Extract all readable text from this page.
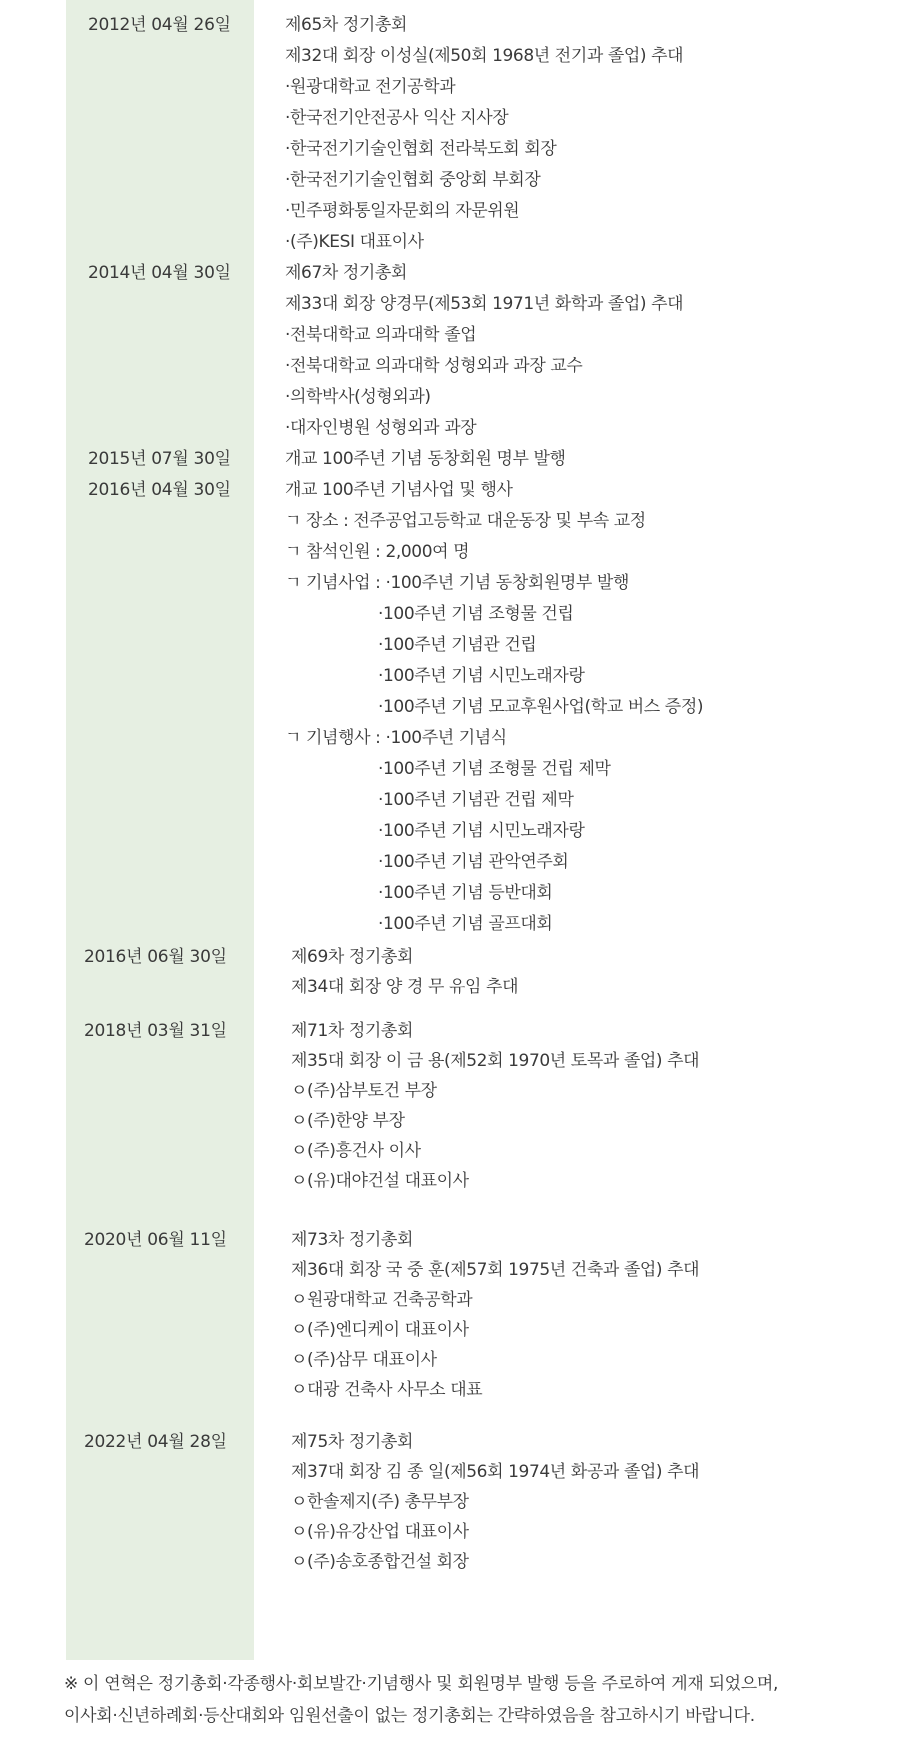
2012년 04월 26일	제65차 정기총회
제32대 회장 이성실(제50회 1968년 전기과 졸업) 추대
·원광대학교 전기공학과
·한국전기안전공사 익산 지사장
·한국전기기술인협회 전라북도회 회장
·한국전기기술인협회 중앙회 부회장
·민주평화통일자문회의 자문위원
·(주)KESI 대표이사
2014년 04월 30일	제67차 정기총회
제33대 회장 양경무(제53회 1971년 화학과 졸업) 추대
·전북대학교 의과대학 졸업
·전북대학교 의과대학 성형외과 과장 교수
·의학박사(성형외과)
·대자인병원 성형외과 과장
2015년 07월 30일	개교 100주년 기념 동창회원 명부 발행
2016년 04월 30일	개교 100주년 기념사업 및 행사
ㄱ 장소 : 전주공업고등학교 대운동장 및 부속 교정
ㄱ 참석인원 : 2,000여 명
ㄱ 기념사업 : ·100주년 기념 동창회원명부 발행
·100주년 기념 조형물 건립
·100주년 기념관 건립
·100주년 기념 시민노래자랑
·100주년 기념 모교후원사업(학교 버스 증정)
ㄱ 기념행사 : ·100주년 기념식
·100주년 기념 조형물 건립 제막
·100주년 기념관 건립 제막
·100주년 기념 시민노래자랑
·100주년 기념 관악연주회
·100주년 기념 등반대회
·100주년 기념 골프대회
2016년 06월 30일	제69차 정기총회
제34대 회장 양 경 무 유임 추대
2018년 03월 31일	제71차 정기총회
제35대 회장 이 금 용(제52회 1970년 토목과 졸업) 추대
ㅇ(주)삼부토건 부장
ㅇ(주)한양 부장
ㅇ(주)흥건사 이사
ㅇ(유)대야건설 대표이사
2020년 06월 11일	제73차 정기총회
제36대 회장 국 중 훈(제57회 1975년 건축과 졸업) 추대
ㅇ원광대학교 건축공학과
ㅇ(주)엔디케이 대표이사
ㅇ(주)삼무 대표이사
ㅇ대광 건축사 사무소 대표
2022년 04월 28일	제75차 정기총회
제37대 회장 김 종 일(제56회 1974년 화공과 졸업) 추대
ㅇ한솔제지(주) 총무부장
ㅇ(유)유강산업 대표이사
ㅇ(주)송호종합건설 회장
※ 이 연혁은 정기총회·각종행사·회보발간·기념행사 및 회원명부 발행 등을 주로하여 게재 되었으며,
이사회·신년하례회·등산대회와 임원선출이 없는 정기총회는 간략하였음을 참고하시기 바랍니다.
